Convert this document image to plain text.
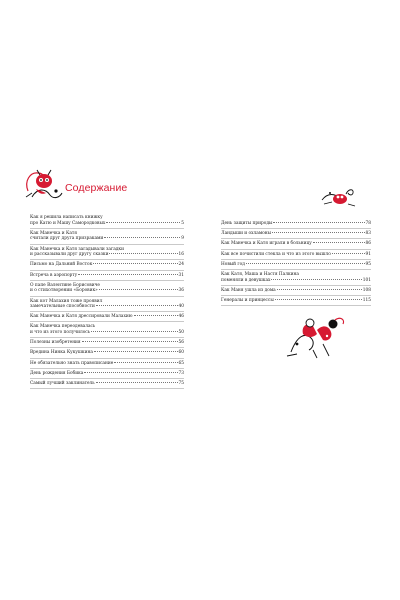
Содержание
Как я решила написать книжку
про Катю и Машу Самородковых	5
Как Манечка и Катя
считали друг друга призраками	9
Как Манечка и Катя загадывали загадки
и рассказывали друг другу сказки	16
Письмо на Дальний Восток	24
Встреча в аэропорту	31
О папе Валентине Борисовиче
и о стихотворении «Боровик»	36
Как кот Малахия тоже проявил
замечательные способности	40
Как Манечка и Катя дрессировали Малахию	46
Как Манечка переодевалась
и что из этого получилось	50
Полезны изобретения	56
Вредина Нинка Кукушкина	60
Не обязательно знать правописание	65
День рождения Бобика	73
Самый лучший заклинатель	75
День защиты природы	78
Ландыши и охламоны	83
Как Манечка и Катя играли в больницу	86
Как все почистили стекла и что из этого вышло	91
Новый год	95
Как Катя, Маша и Настя Палкина
поменяли в девушках	101
Как Маня ушла из дома	108
Генералы и принцессы	115
